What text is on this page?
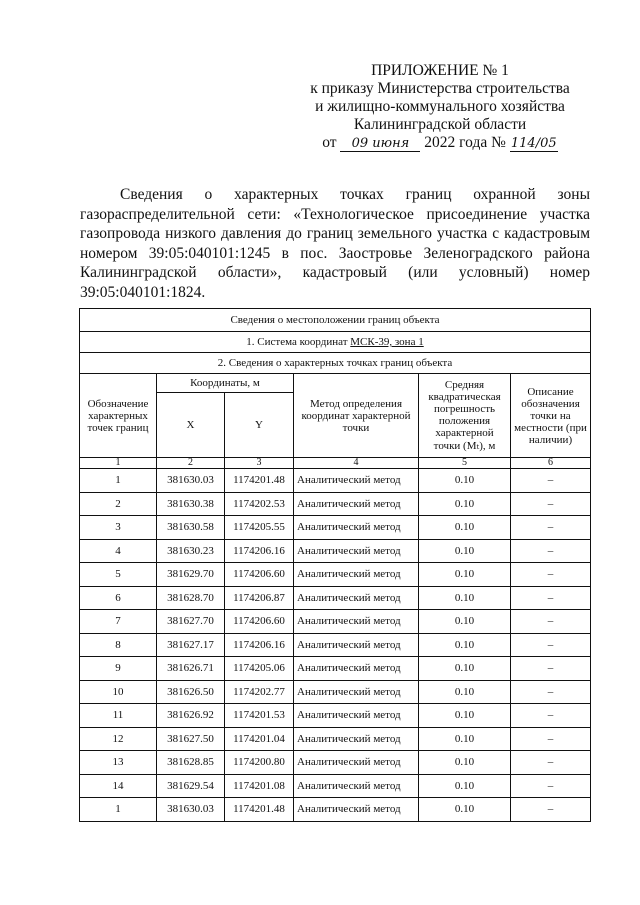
ПРИЛОЖЕНИЕ № 1
к приказу Министерства строительства
и жилищно-коммунального хозяйства
Калининградской области
от 09 июня 2022 года № 114/05
Сведения о характерных точках границ охранной зоны газораспределительной сети: «Технологическое присоединение участка газопровода низкого давления до границ земельного участка с кадастровым номером 39:05:040101:1245 в пос. Заостровье Зеленоградского района Калининградской области», кадастровый (или условный) номер 39:05:040101:1824.
Сведения о местоположении границ объекта					
1. Система координат МСК-39, зона 1					
2. Сведения о характерных точках границ объекта					
Обозначение характерных точек границ	Координаты, м		Метод определения координат характерной точки	Средняя квадратическая погрешность положения характерной точки (Mₜ), м	Описание обозначения точки на местности (при наличии)
	X	Y			
1	2	3	4	5	6
1	381630.03	1174201.48	Аналитический метод	0.10	–
2	381630.38	1174202.53	Аналитический метод	0.10	–
3	381630.58	1174205.55	Аналитический метод	0.10	–
4	381630.23	1174206.16	Аналитический метод	0.10	–
5	381629.70	1174206.60	Аналитический метод	0.10	–
6	381628.70	1174206.87	Аналитический метод	0.10	–
7	381627.70	1174206.60	Аналитический метод	0.10	–
8	381627.17	1174206.16	Аналитический метод	0.10	–
9	381626.71	1174205.06	Аналитический метод	0.10	–
10	381626.50	1174202.77	Аналитический метод	0.10	–
11	381626.92	1174201.53	Аналитический метод	0.10	–
12	381627.50	1174201.04	Аналитический метод	0.10	–
13	381628.85	1174200.80	Аналитический метод	0.10	–
14	381629.54	1174201.08	Аналитический метод	0.10	–
1	381630.03	1174201.48	Аналитический метод	0.10	–
